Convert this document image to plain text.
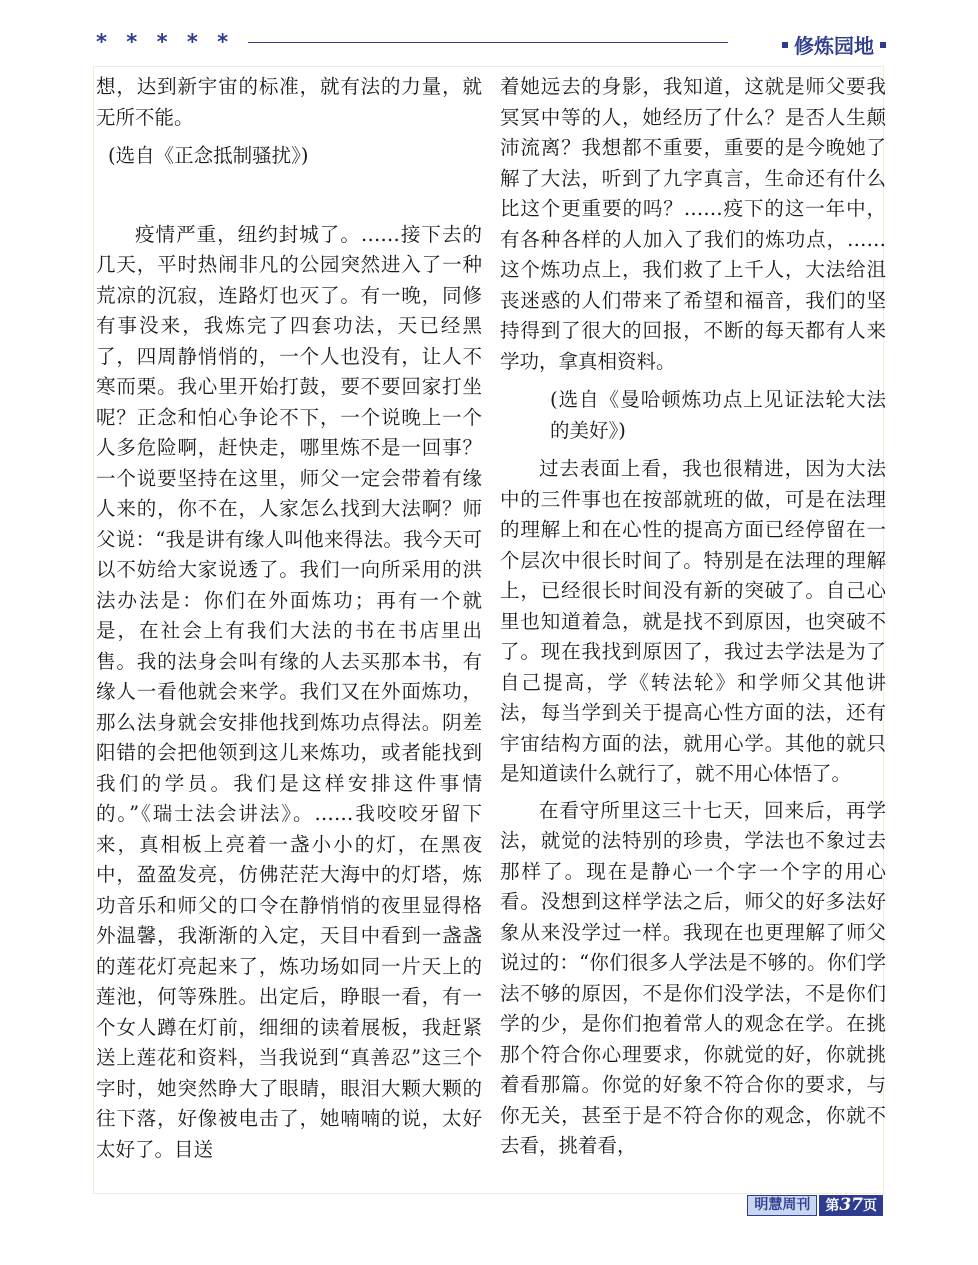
* * * * *	修炼园地

想，达到新宇宙的标准，就有法的力量，就无所不能。

(选自《正念抵制骚扰》)

疫情严重，纽约封城了。……接下去的几天，平时热闹非凡的公园突然进入了一种荒凉的沉寂，连路灯也灭了。有一晚，同修有事没来，我炼完了四套功法，天已经黑了，四周静悄悄的，一个人也没有，让人不寒而栗。我心里开始打鼓，要不要回家打坐呢？正念和怕心争论不下，一个说晚上一个人多危险啊，赶快走，哪里炼不是一回事？一个说要坚持在这里，师父一定会带着有缘人来的，你不在，人家怎么找到大法啊？师父说：“我是讲有缘人叫他来得法。我今天可以不妨给大家说透了。我们一向所采用的洪法办法是：你们在外面炼功；再有一个就是，在社会上有我们大法的书在书店里出售。我的法身会叫有缘的人去买那本书，有缘人一看他就会来学。我们又在外面炼功，那么法身就会安排他找到炼功点得法。阴差阳错的会把他领到这儿来炼功，或者能找到我们的学员。我们是这样安排这件事情的。”《瑞士法会讲法》。……我咬咬牙留下来，真相板上亮着一盏小小的灯，在黑夜中，盈盈发亮，仿佛茫茫大海中的灯塔，炼功音乐和师父的口令在静悄悄的夜里显得格外温馨，我渐渐的入定，天目中看到一盏盏的莲花灯亮起来了，炼功场如同一片天上的莲池，何等殊胜。出定后，睁眼一看，有一个女人蹲在灯前，细细的读着展板，我赶紧送上莲花和资料，当我说到“真善忍”这三个字时，她突然睁大了眼睛，眼泪大颗大颗的往下落，好像被电击了，她喃喃的说，太好太好了。目送

着她远去的身影，我知道，这就是师父要我冥冥中等的人，她经历了什么？是否人生颠沛流离？我想都不重要，重要的是今晚她了解了大法，听到了九字真言，生命还有什么比这个更重要的吗？……疫下的这一年中，有各种各样的人加入了我们的炼功点，……这个炼功点上，我们救了上千人，大法给沮丧迷惑的人们带来了希望和福音，我们的坚持得到了很大的回报，不断的每天都有人来学功，拿真相资料。

(选自《曼哈顿炼功点上见证法轮大法的美好》)

过去表面上看，我也很精进，因为大法中的三件事也在按部就班的做，可是在法理的理解上和在心性的提高方面已经停留在一个层次中很长时间了。特别是在法理的理解上，已经很长时间没有新的突破了。自己心里也知道着急，就是找不到原因，也突破不了。现在我找到原因了，我过去学法是为了自己提高，学《转法轮》和学师父其他讲法，每当学到关于提高心性方面的法，还有宇宙结构方面的法，就用心学。其他的就只是知道读什么就行了，就不用心体悟了。

在看守所里这三十七天，回来后，再学法，就觉的法特别的珍贵，学法也不象过去那样了。现在是静心一个字一个字的用心看。没想到这样学法之后，师父的好多法好象从来没学过一样。我现在也更理解了师父说过的：“你们很多人学法是不够的。你们学法不够的原因，不是你们没学法，不是你们学的少，是你们抱着常人的观念在学。在挑那个符合你心理要求，你就觉的好，你就挑着看那篇。你觉的好象不符合你的要求，与你无关，甚至于是不符合你的观念，你就不去看，挑着看，

明慧周刊	第37页
